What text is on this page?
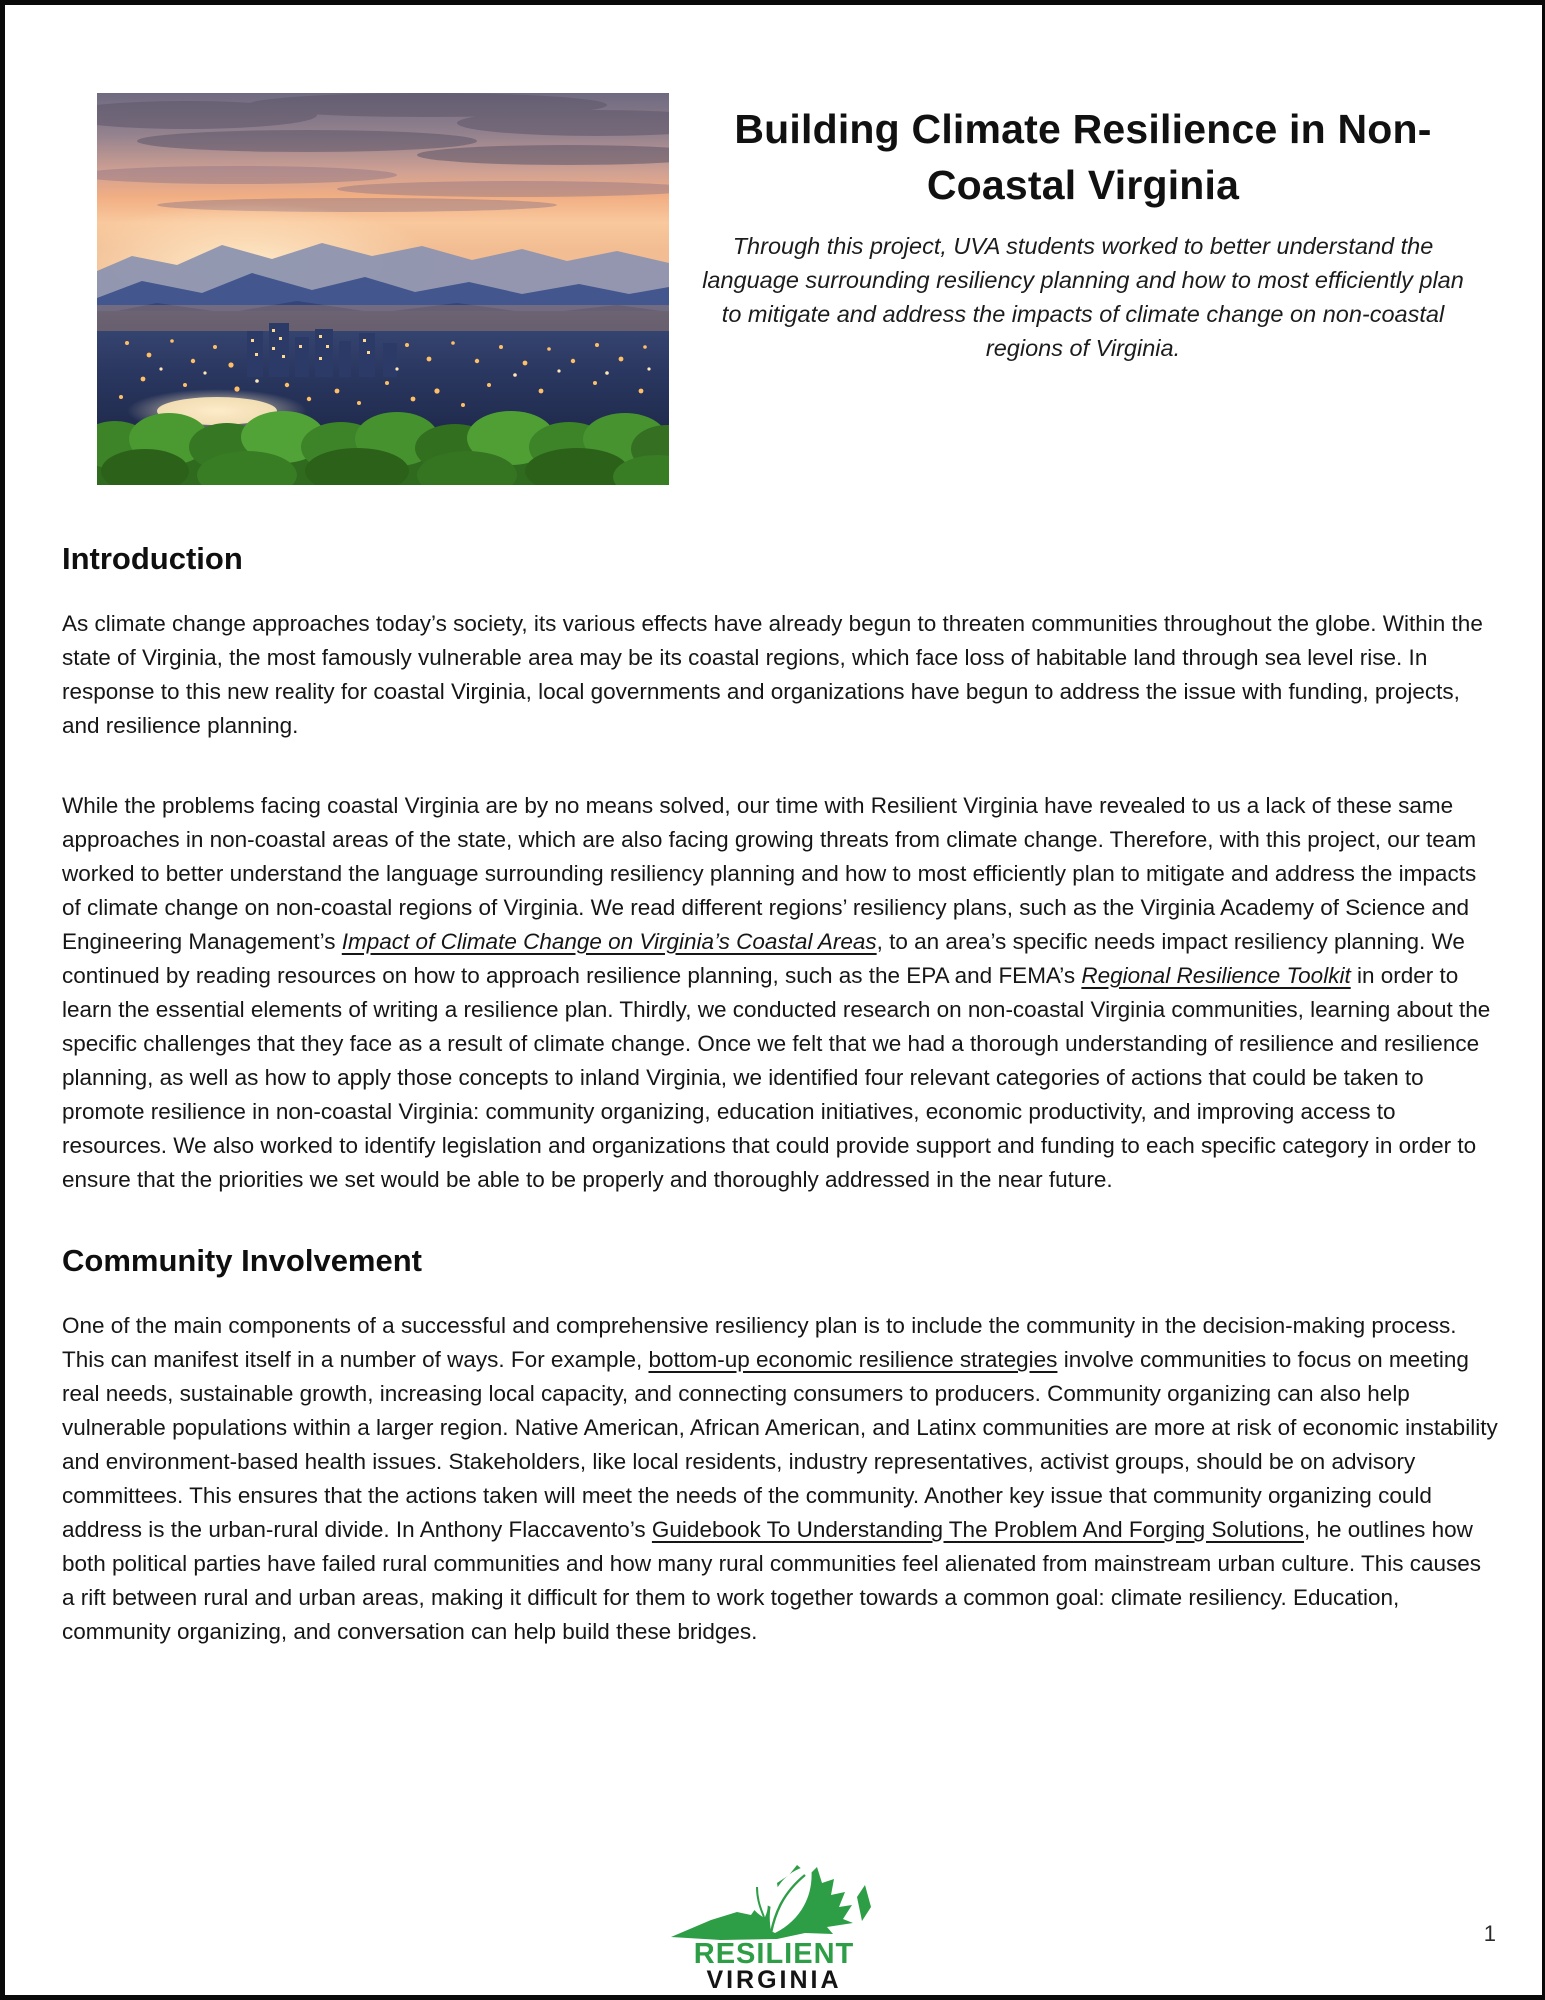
Building Climate Resilience in Non-Coastal Virginia

Through this project, UVA students worked to better understand the language surrounding resiliency planning and how to most efficiently plan to mitigate and address the impacts of climate change on non-coastal regions of Virginia.

Introduction

As climate change approaches today’s society, its various effects have already begun to threaten communities throughout the globe. Within the state of Virginia, the most famously vulnerable area may be its coastal regions, which face loss of habitable land through sea level rise. In response to this new reality for coastal Virginia, local governments and organizations have begun to address the issue with funding, projects, and resilience planning.

While the problems facing coastal Virginia are by no means solved, our time with Resilient Virginia have revealed to us a lack of these same approaches in non-coastal areas of the state, which are also facing growing threats from climate change. Therefore, with this project, our team worked to better understand the language surrounding resiliency planning and how to most efficiently plan to mitigate and address the impacts of climate change on non-coastal regions of Virginia. We read different regions’ resiliency plans, such as the Virginia Academy of Science and Engineering Management’s Impact of Climate Change on Virginia’s Coastal Areas, to an area’s specific needs impact resiliency planning. We continued by reading resources on how to approach resilience planning, such as the EPA and FEMA’s Regional Resilience Toolkit in order to learn the essential elements of writing a resilience plan. Thirdly, we conducted research on non-coastal Virginia communities, learning about the specific challenges that they face as a result of climate change. Once we felt that we had a thorough understanding of resilience and resilience planning, as well as how to apply those concepts to inland Virginia, we identified four relevant categories of actions that could be taken to promote resilience in non-coastal Virginia: community organizing, education initiatives, economic productivity, and improving access to resources. We also worked to identify legislation and organizations that could provide support and funding to each specific category in order to ensure that the priorities we set would be able to be properly and thoroughly addressed in the near future.

Community Involvement

One of the main components of a successful and comprehensive resiliency plan is to include the community in the decision-making process. This can manifest itself in a number of ways. For example, bottom-up economic resilience strategies involve communities to focus on meeting real needs, sustainable growth, increasing local capacity, and connecting consumers to producers. Community organizing can also help vulnerable populations within a larger region. Native American, African American, and Latinx communities are more at risk of economic instability and environment-based health issues. Stakeholders, like local residents, industry representatives, activist groups, should be on advisory committees. This ensures that the actions taken will meet the needs of the community. Another key issue that community organizing could address is the urban-rural divide. In Anthony Flaccavento’s Guidebook To Understanding The Problem And Forging Solutions, he outlines how both political parties have failed rural communities and how many rural communities feel alienated from mainstream urban culture. This causes a rift between rural and urban areas, making it difficult for them to work together towards a common goal: climate resiliency. Education, community organizing, and conversation can help build these bridges.

RESILIENT
VIRGINIA
1
